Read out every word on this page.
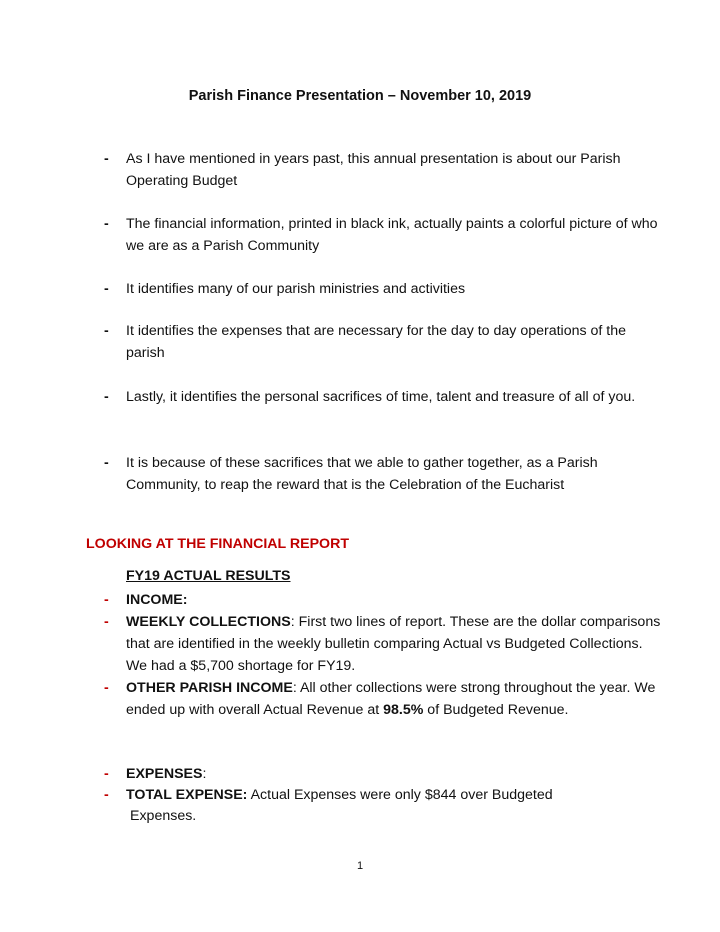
Parish Finance Presentation – November 10, 2019
-	As I have mentioned in years past, this annual presentation is about our Parish Operating Budget
-	The financial information, printed in black ink, actually paints a colorful picture of who we are as a Parish Community
-	It identifies many of our parish ministries and activities
-	It identifies the expenses that are necessary for the day to day operations of the parish
-	Lastly, it identifies the personal sacrifices of time, talent and treasure of all of you.
-	It is because of these sacrifices that we able to gather together, as a Parish Community, to reap the reward that is the Celebration of the Eucharist
LOOKING AT THE FINANCIAL REPORT
FY19 ACTUAL RESULTS
-	INCOME:
-	WEEKLY COLLECTIONS: First two lines of report. These are the dollar comparisons that are identified in the weekly bulletin comparing Actual vs Budgeted Collections. We had a $5,700 shortage for FY19.
-	OTHER PARISH INCOME: All other collections were strong throughout the year. We ended up with overall Actual Revenue at 98.5% of Budgeted Revenue.
-	EXPENSES:
-	TOTAL EXPENSE: Actual Expenses were only $844 over Budgeted
Expenses.
1
